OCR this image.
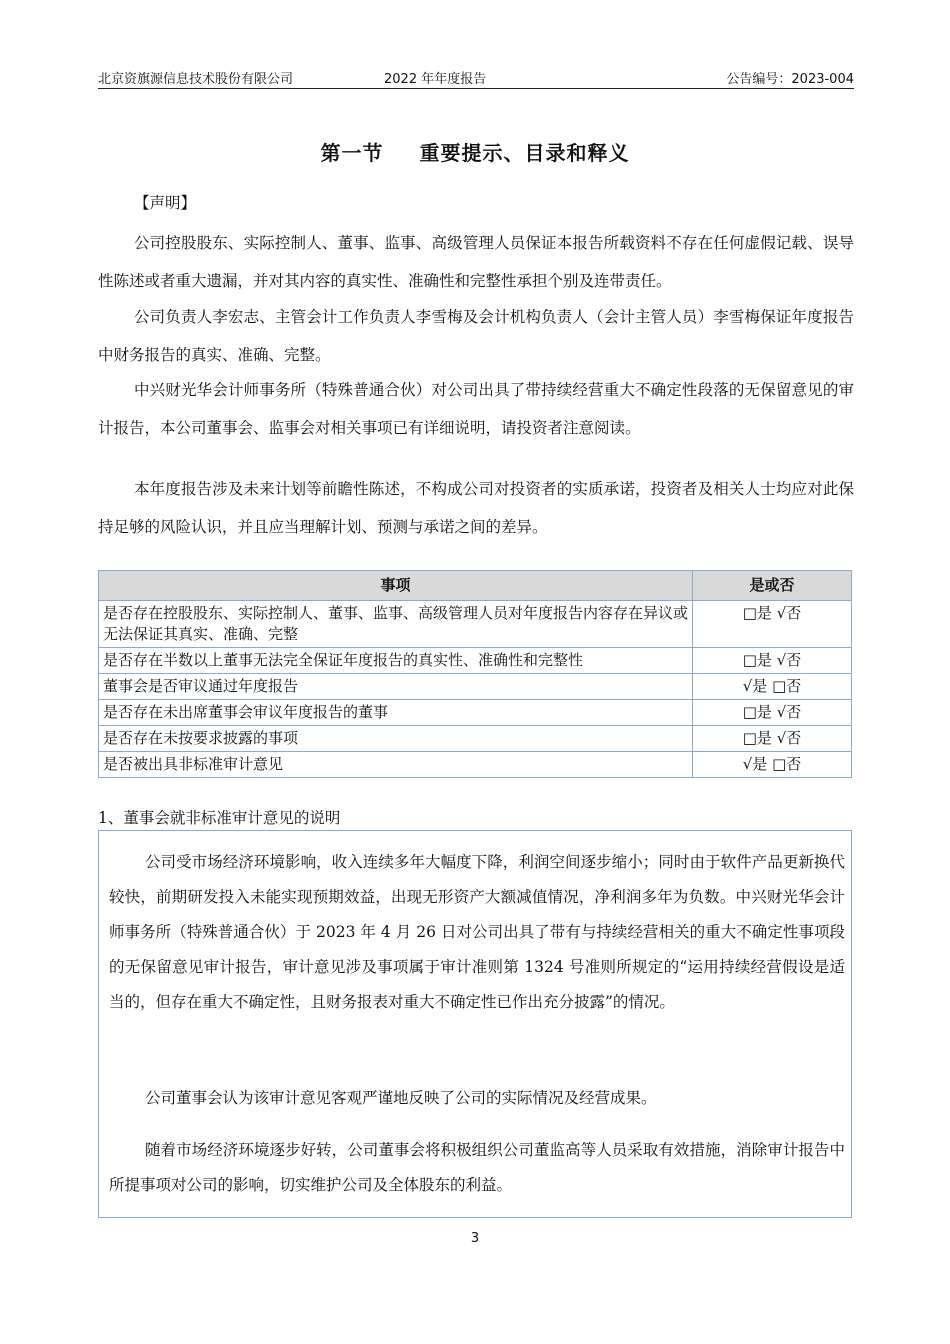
北京资旗源信息技术股份有限公司	2022 年年度报告	公告编号：2023-004
第一节 重要提示、目录和释义
【声明】
公司控股股东、实际控制人、董事、监事、高级管理人员保证本报告所载资料不存在任何虚假记载、误导性陈述或者重大遗漏，并对其内容的真实性、准确性和完整性承担个别及连带责任。
公司负责人李宏志、主管会计工作负责人李雪梅及会计机构负责人（会计主管人员）李雪梅保证年度报告中财务报告的真实、准确、完整。
中兴财光华会计师事务所（特殊普通合伙）对公司出具了带持续经营重大不确定性段落的无保留意见的审计报告，本公司董事会、监事会对相关事项已有详细说明，请投资者注意阅读。
本年度报告涉及未来计划等前瞻性陈述，不构成公司对投资者的实质承诺，投资者及相关人士均应对此保持足够的风险认识，并且应当理解计划、预测与承诺之间的差异。
事项	是或否
是否存在控股股东、实际控制人、董事、监事、高级管理人员对年度报告内容存在异议或无法保证其真实、准确、完整	□是 √否
是否存在半数以上董事无法完全保证年度报告的真实性、准确性和完整性	□是 √否
董事会是否审议通过年度报告	√是 □否
是否存在未出席董事会审议年度报告的董事	□是 √否
是否存在未按要求披露的事项	□是 √否
是否被出具非标准审计意见	√是 □否
1、董事会就非标准审计意见的说明
公司受市场经济环境影响，收入连续多年大幅度下降，利润空间逐步缩小；同时由于软件产品更新换代较快，前期研发投入未能实现预期效益，出现无形资产大额减值情况，净利润多年为负数。中兴财光华会计师事务所（特殊普通合伙）于 2023 年 4 月 26 日对公司出具了带有与持续经营相关的重大不确定性事项段的无保留意见审计报告，审计意见涉及事项属于审计准则第 1324 号准则所规定的“运用持续经营假设是适当的，但存在重大不确定性，且财务报表对重大不确定性已作出充分披露”的情况。
公司董事会认为该审计意见客观严谨地反映了公司的实际情况及经营成果。
随着市场经济环境逐步好转，公司董事会将积极组织公司董监高等人员采取有效措施，消除审计报告中所提事项对公司的影响，切实维护公司及全体股东的利益。
3
